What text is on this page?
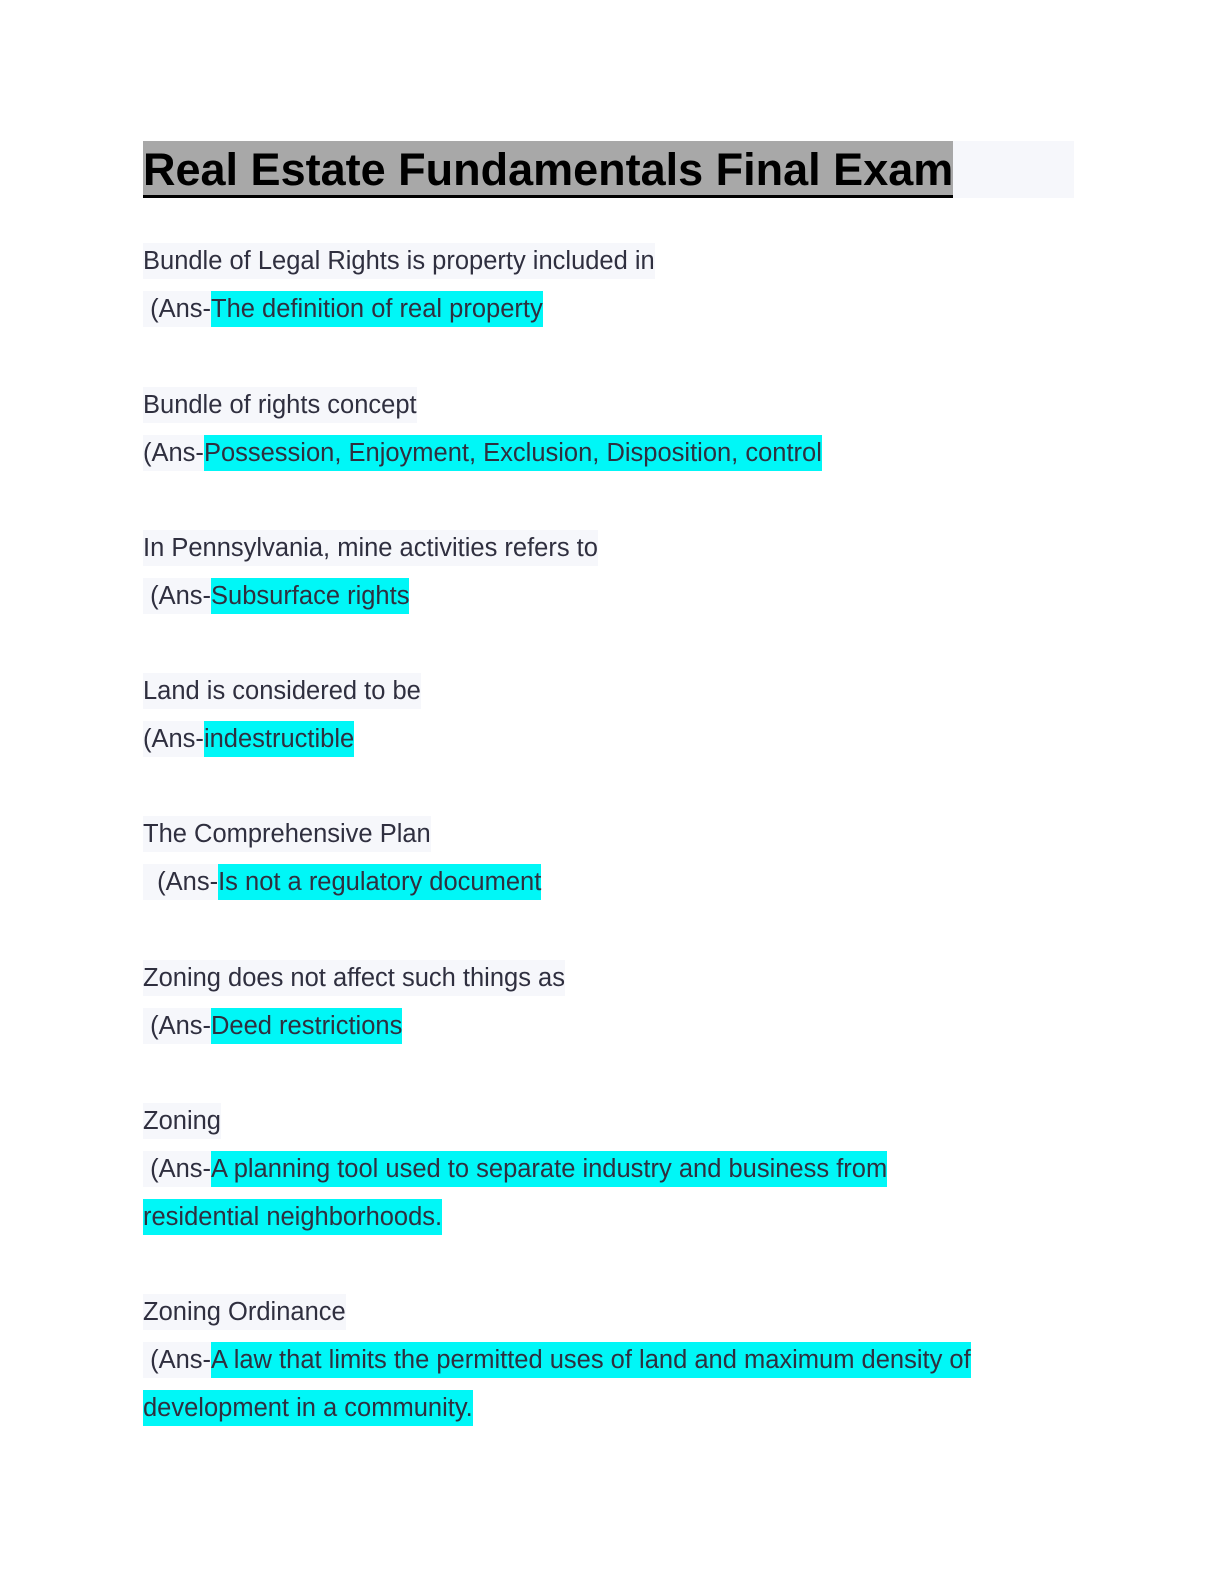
Real Estate Fundamentals Final Exam
Bundle of Legal Rights is property included in
(Ans-The definition of real property
Bundle of rights concept
(Ans-Possession, Enjoyment, Exclusion, Disposition, control
In Pennsylvania, mine activities refers to
(Ans-Subsurface rights
Land is considered to be
(Ans-indestructible
The Comprehensive Plan
(Ans-Is not a regulatory document
Zoning does not affect such things as
(Ans-Deed restrictions
Zoning
(Ans-A planning tool used to separate industry and business from
residential neighborhoods.
Zoning Ordinance
(Ans-A law that limits the permitted uses of land and maximum density of
development in a community.
